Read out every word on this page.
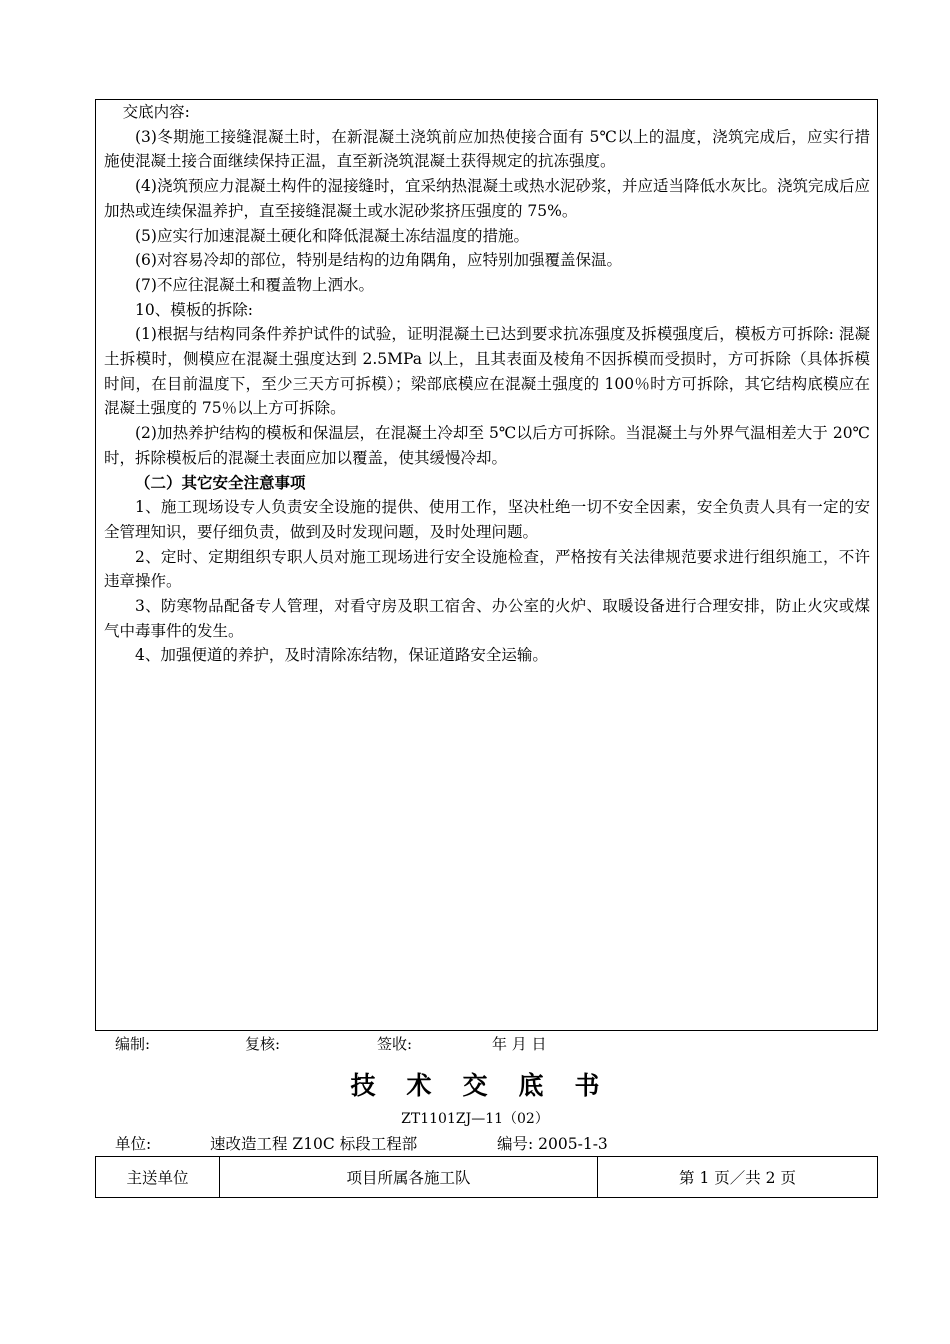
交底内容:

(3)冬期施工接缝混凝土时，在新混凝土浇筑前应加热使接合面有 5℃以上的温度，浇筑完成后，应实行措施使混凝土接合面继续保持正温，直至新浇筑混凝土获得规定的抗冻强度。

(4)浇筑预应力混凝土构件的湿接缝时，宜采纳热混凝土或热水泥砂浆，并应适当降低水灰比。浇筑完成后应加热或连续保温养护，直至接缝混凝土或水泥砂浆挤压强度的 75%。

(5)应实行加速混凝土硬化和降低混凝土冻结温度的措施。

(6)对容易冷却的部位，特别是结构的边角隅角，应特别加强覆盖保温。

(7)不应往混凝土和覆盖物上洒水。

10、模板的拆除:

(1)根据与结构同条件养护试件的试验，证明混凝土已达到要求抗冻强度及拆模强度后，模板方可拆除: 混凝土拆模时，侧模应在混凝土强度达到 2.5MPa 以上，且其表面及棱角不因拆模而受损时，方可拆除（具体拆模时间，在目前温度下，至少三天方可拆模）；梁部底模应在混凝土强度的 100％时方可拆除，其它结构底模应在混凝土强度的 75％以上方可拆除。

(2)加热养护结构的模板和保温层，在混凝土冷却至 5℃以后方可拆除。当混凝土与外界气温相差大于 20℃时，拆除模板后的混凝土表面应加以覆盖，使其缓慢冷却。

（二）其它安全注意事项

1、施工现场设专人负责安全设施的提供、使用工作，坚决杜绝一切不安全因素，安全负责人具有一定的安全管理知识，要仔细负责，做到及时发现问题，及时处理问题。

2、定时、定期组织专职人员对施工现场进行安全设施检查，严格按有关法律规范要求进行组织施工，不许违章操作。

3、防寒物品配备专人管理，对看守房及职工宿舍、办公室的火炉、取暖设备进行合理安排，防止火灾或煤气中毒事件的发生。

4、加强便道的养护，及时清除冻结物，保证道路安全运输。

编制:	复核:	签收:	年 月 日
技术交底书
ZT1101ZJ—11（02）
单位:	速改造工程 Z10C 标段工程部	编号: 2005-1-3
主送单位	项目所属各施工队	第 1 页／共 2 页
